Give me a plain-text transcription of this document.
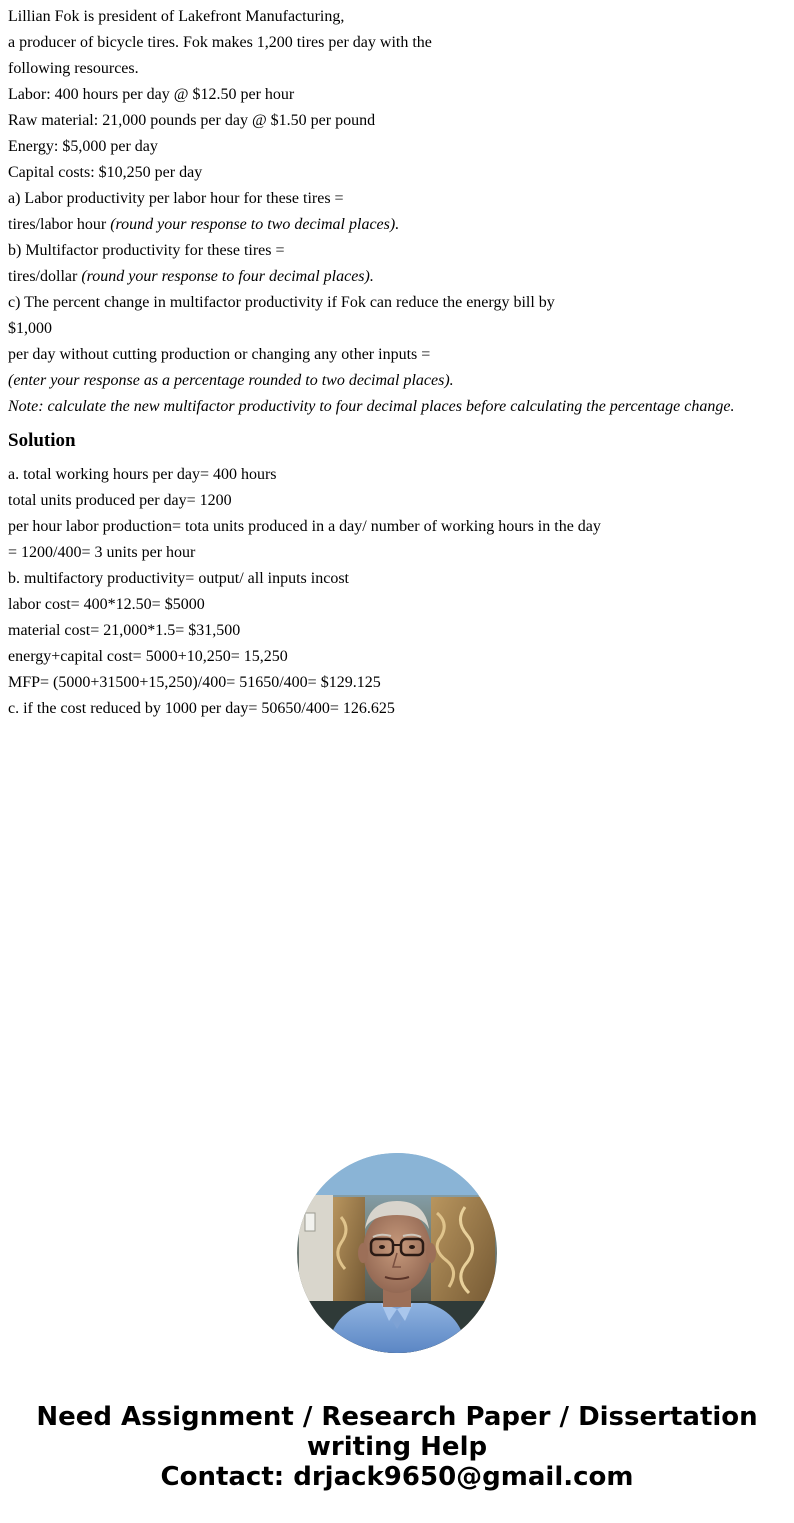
Lillian Fok is president of Lakefront Manufacturing,
a producer of bicycle tires. Fok makes 1,200 tires per day with the
following resources.
Labor: 400 hours per day @ $12.50 per hour
Raw material: 21,000 pounds per day @ $1.50 per pound
Energy: $5,000 per day
Capital costs: $10,250 per day
a) Labor productivity per labor hour for these tires =
tires/labor hour (round your response to two decimal places).
b) Multifactor productivity for these tires =
tires/dollar (round your response to four decimal places).
c) The percent change in multifactor productivity if Fok can reduce the energy bill by
$1,000
per day without cutting production or changing any other inputs =
(enter your response as a percentage rounded to two decimal places).
Note: calculate the new multifactor productivity to four decimal places before calculating the percentage change.
Solution
a. total working hours per day= 400 hours
total units produced per day= 1200
per hour labor production= tota units produced in a day/ number of working hours in the day
= 1200/400= 3 units per hour
b. multifactory productivity= output/ all inputs incost
labor cost= 400*12.50= $5000
material cost= 21,000*1.5= $31,500
energy+capital cost= 5000+10,250= 15,250
MFP= (5000+31500+15,250)/400= 51650/400= $129.125
c. if the cost reduced by 1000 per day= 50650/400= 126.625
Need Assignment / Research Paper / Dissertation
writing Help
Contact: drjack9650@gmail.com
